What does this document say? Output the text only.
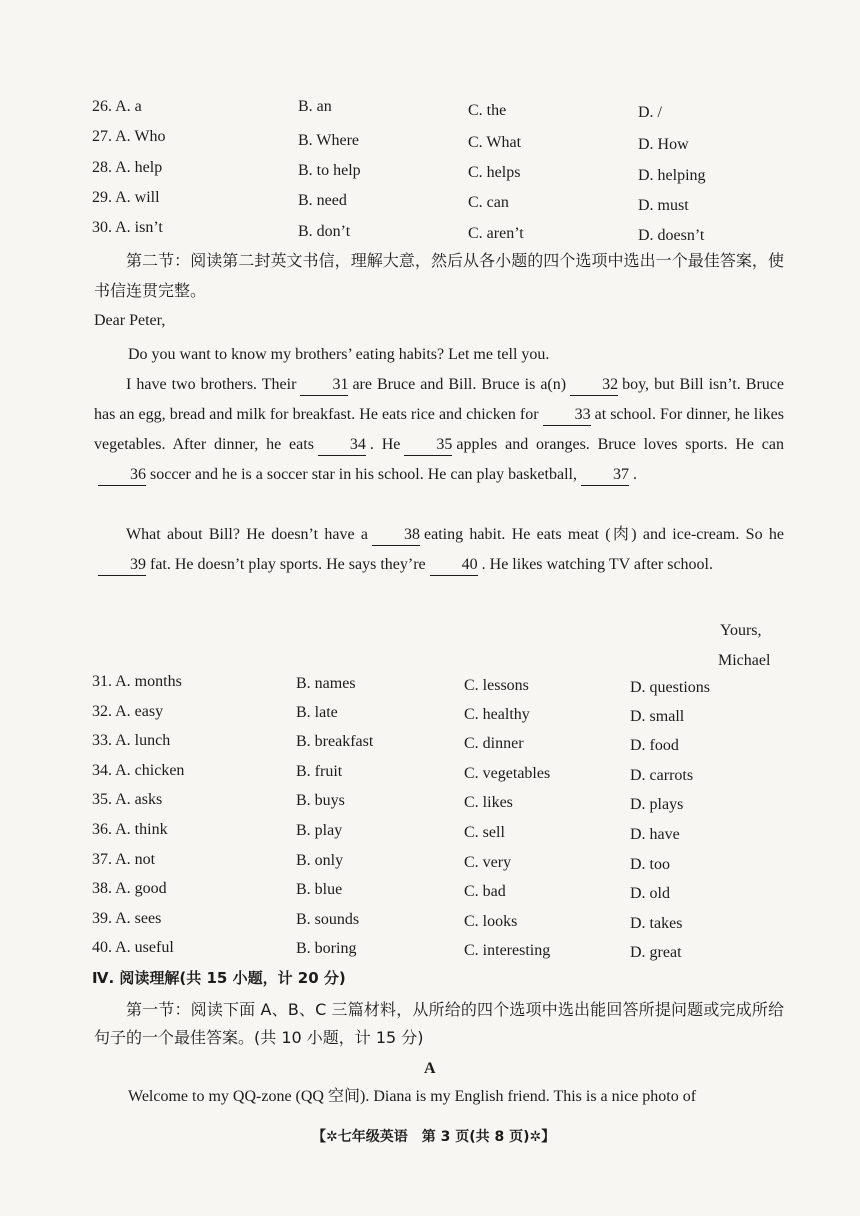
26. A. a	B. an	C. the	D. /
27. A. Who	B. Where	C. What	D. How
28. A. help	B. to help	C. helps	D. helping
29. A. will	B. need	C. can	D. must
30. A. isn’t	B. don’t	C. aren’t	D. doesn’t
第二节：阅读第二封英文书信，理解大意，然后从各小题的四个选项中选出一个最佳答案，使书信连贯完整。
Dear Peter,
Do you want to know my brothers’ eating habits? Let me tell you.
I have two brothers. Their 31 are Bruce and Bill. Bruce is a(n) 32 boy, but Bill isn’t. Bruce has an egg, bread and milk for breakfast. He eats rice and chicken for 33 at school. For dinner, he likes vegetables. After dinner, he eats 34 . He 35 apples and oranges. Bruce loves sports. He can36 soccer and he is a soccer star in his school. He can play basketball, 37 .
What about Bill? He doesn’t have a 38 eating habit. He eats meat (肉) and ice-cream. So he39 fat. He doesn’t play sports. He says they’re 40 . He likes watching TV after school.
Yours,
Michael
31. A. months	B. names	C. lessons	D. questions
32. A. easy	B. late	C. healthy	D. small
33. A. lunch	B. breakfast	C. dinner	D. food
34. A. chicken	B. fruit	C. vegetables	D. carrots
35. A. asks	B. buys	C. likes	D. plays
36. A. think	B. play	C. sell	D. have
37. A. not	B. only	C. very	D. too
38. A. good	B. blue	C. bad	D. old
39. A. sees	B. sounds	C. looks	D. takes
40. A. useful	B. boring	C. interesting	D. great
Ⅳ. 阅读理解(共 15 小题，计 20 分)
第一节：阅读下面 A、B、C 三篇材料，从所给的四个选项中选出能回答所提问题或完成所给句子的一个最佳答案。(共 10 小题，计 15 分)
A
Welcome to my QQ-zone (QQ 空间). Diana is my English friend. This is a nice photo of
【✲七年级英语　第 3 页(共 8 页)✲】
